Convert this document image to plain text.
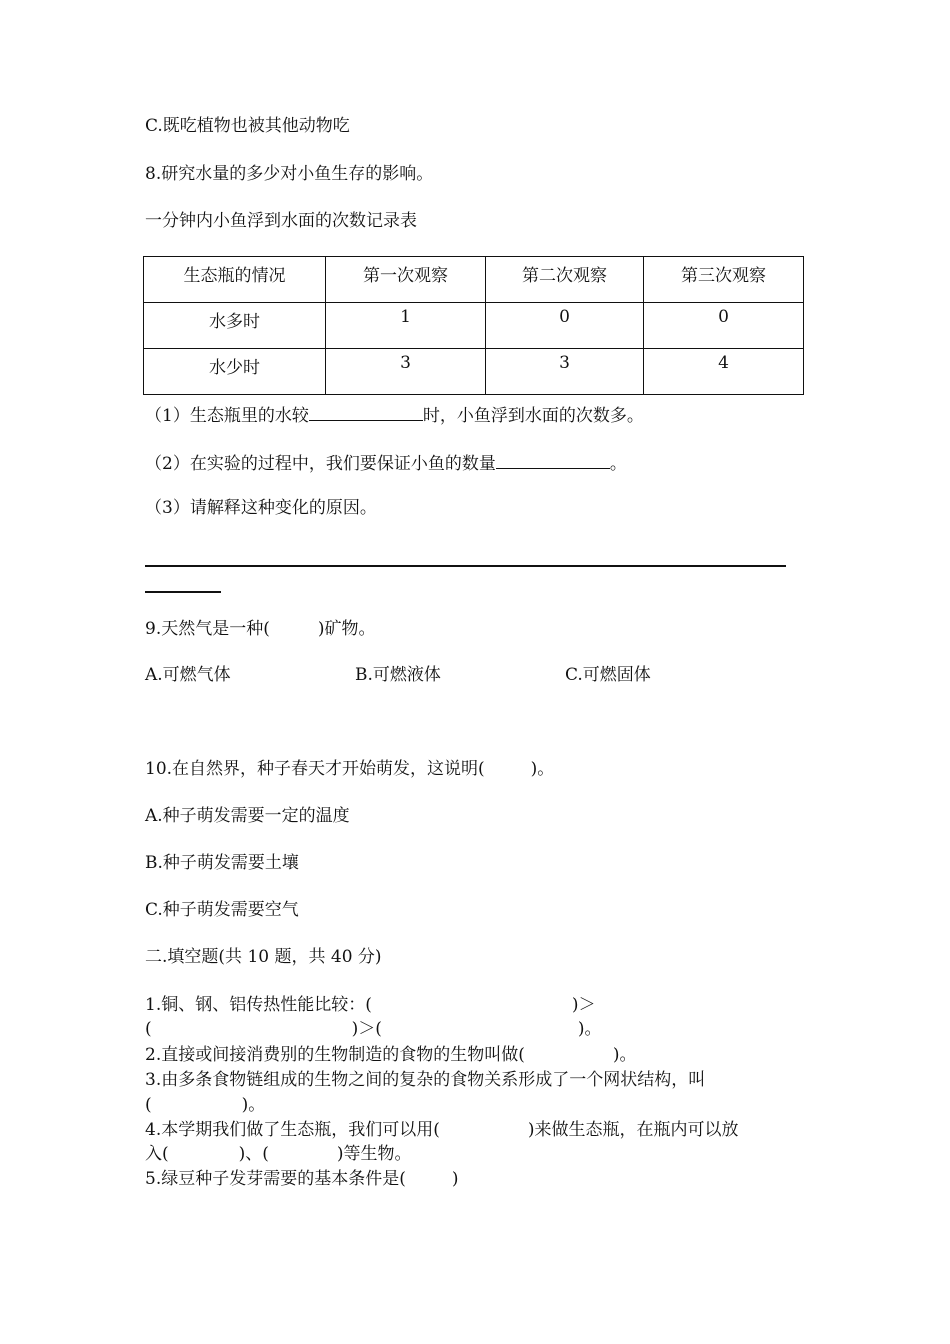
C.既吃植物也被其他动物吃
8.研究水量的多少对小鱼生存的影响。
一分钟内小鱼浮到水面的次数记录表
生态瓶的情况	第一次观察	第二次观察	第三次观察
水多时	1	0	0
水少时	3	3	4
（1）生态瓶里的水较	时，小鱼浮到水面的次数多。
（2）在实验的过程中，我们要保证小鱼的数量	。
（3）请解释这种变化的原因。
9.天然气是一种(	)矿物。
A.可燃气体	B.可燃液体	C.可燃固体
10.在自然界，种子春天才开始萌发，这说明(	)。
A.种子萌发需要一定的温度
B.种子萌发需要土壤
C.种子萌发需要空气
二.填空题(共 10 题，共 40 分)
1.铜、钢、铝传热性能比较：(	)＞
(	)＞(	)。
2.直接或间接消费别的生物制造的食物的生物叫做(	)。
3.由多条食物链组成的生物之间的复杂的食物关系形成了一个网状结构，叫
(	)。
4.本学期我们做了生态瓶，我们可以用(	)来做生态瓶，在瓶内可以放
入(	)、(	)等生物。
5.绿豆种子发芽需要的基本条件是(	)
